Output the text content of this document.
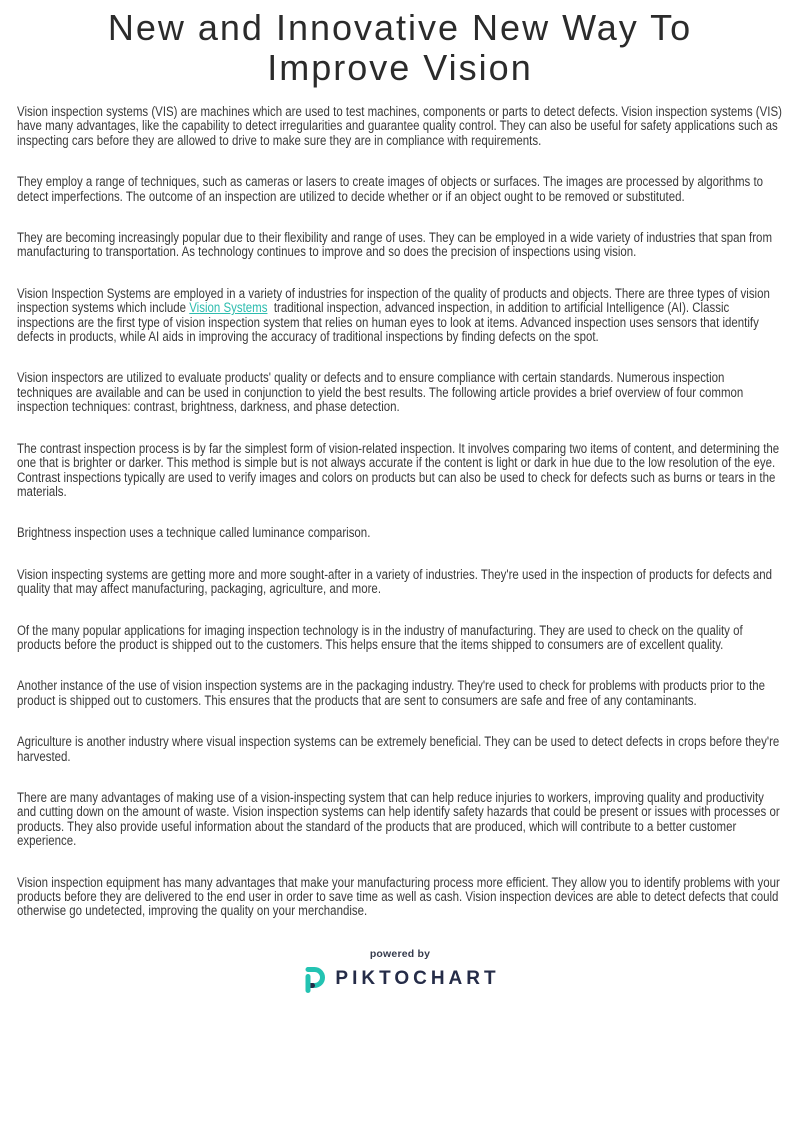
New and Innovative New Way To
Improve Vision

Vision inspection systems (VIS) are machines which are used to test machines, components or parts to detect defects. Vision inspection systems (VIS) have many advantages, like the capability to detect irregularities and guarantee quality control. They can also be useful for safety applications such as inspecting cars before they are allowed to drive to make sure they are in compliance with requirements.

They employ a range of techniques, such as cameras or lasers to create images of objects or surfaces. The images are processed by algorithms to detect imperfections. The outcome of an inspection are utilized to decide whether or if an object ought to be removed or substituted.

They are becoming increasingly popular due to their flexibility and range of uses. They can be employed in a wide variety of industries that span from manufacturing to transportation. As technology continues to improve and so does the precision of inspections using vision.

Vision Inspection Systems are employed in a variety of industries for inspection of the quality of products and objects. There are three types of vision inspection systems which include Vision Systems  traditional inspection, advanced inspection, in addition to artificial Intelligence (AI). Classic inspections are the first type of vision inspection system that relies on human eyes to look at items. Advanced inspection uses sensors that identify defects in products, while AI aids in improving the accuracy of traditional inspections by finding defects on the spot.

Vision inspectors are utilized to evaluate products' quality or defects and to ensure compliance with certain standards. Numerous inspection techniques are available and can be used in conjunction to yield the best results. The following article provides a brief overview of four common inspection techniques: contrast, brightness, darkness, and phase detection.

The contrast inspection process is by far the simplest form of vision-related inspection. It involves comparing two items of content, and determining the one that is brighter or darker. This method is simple but is not always accurate if the content is light or dark in hue due to the low resolution of the eye. Contrast inspections typically are used to verify images and colors on products but can also be used to check for defects such as burns or tears in the materials.

Brightness inspection uses a technique called luminance comparison.

Vision inspecting systems are getting more and more sought-after in a variety of industries. They're used in the inspection of products for defects and quality that may affect manufacturing, packaging, agriculture, and more.

Of the many popular applications for imaging inspection technology is in the industry of manufacturing. They are used to check on the quality of products before the product is shipped out to the customers. This helps ensure that the items shipped to consumers are of excellent quality.

Another instance of the use of vision inspection systems are in the packaging industry. They're used to check for problems with products prior to the product is shipped out to customers. This ensures that the products that are sent to consumers are safe and free of any contaminants.

Agriculture is another industry where visual inspection systems can be extremely beneficial. They can be used to detect defects in crops before they're harvested.

There are many advantages of making use of a vision-inspecting system that can help reduce injuries to workers, improving quality and productivity and cutting down on the amount of waste. Vision inspection systems can help identify safety hazards that could be present or issues with processes or products. They also provide useful information about the standard of the products that are produced, which will contribute to a better customer experience.

Vision inspection equipment has many advantages that make your manufacturing process more efficient. They allow you to identify problems with your products before they are delivered to the end user in order to save time as well as cash. Vision inspection devices are able to detect defects that could otherwise go undetected, improving the quality on your merchandise.

powered by
PIKTOCHART
